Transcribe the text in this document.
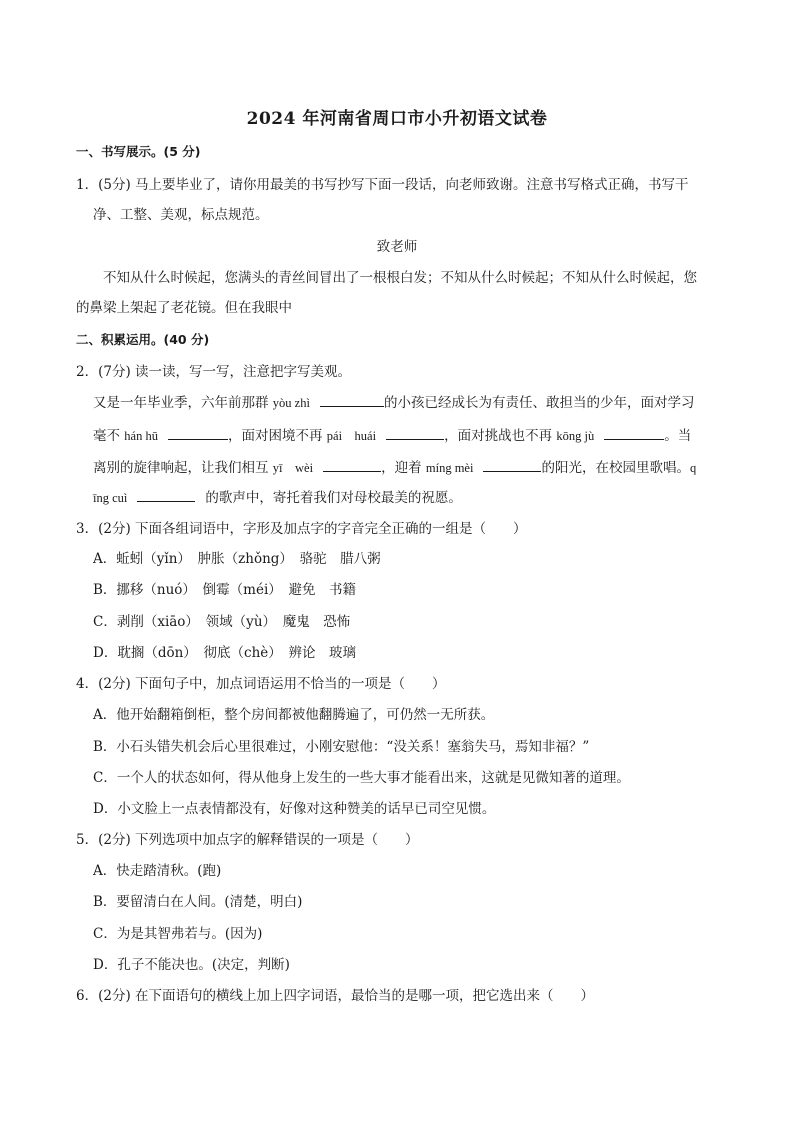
2024 年河南省周口市小升初语文试卷
一、书写展示。(5 分)
1．(5分) 马上要毕业了，请你用最美的书写抄写下面一段话，向老师致谢。注意书写格式正确，书写干
净、工整、美观，标点规范。
致老师
不知从什么时候起，您满头的青丝间冒出了一根根白发；不知从什么时候起；不知从什么时候起，您
的鼻梁上架起了老花镜。但在我眼中
二、积累运用。(40 分)
2．(7分) 读一读，写一写，注意把字写美观。
又是一年毕业季，六年前那群 yòu zhì	的小孩已经成长为有责任、敢担当的少年，面对学习
毫不 hán hū	，面对困境不再 pái　huái	，面对挑战也不再 kōng jù	。当
离别的旋律响起，让我们相互 yī　wèi	，迎着 míng mèi	的阳光，在校园里歌唱。q
īng cuì	的歌声中，寄托着我们对母校最美的祝愿。
3．(2分) 下面各组词语中，字形及加点字的字音完全正确的一组是（　　）
A．蚯蚓（yǐn）　肿胀（zhǒng）　骆驼　腊八粥
B．挪移（nuó）　倒霉（méi）　避免　书籍
C．剥削（xiāo）　领域（yù）　魔鬼　恐怖
D．耽搁（dōn）　彻底（chè）　辨论　玻璃
4．(2分) 下面句子中，加点词语运用不恰当的一项是（　　）
A．他开始翻箱倒柜，整个房间都被他翻腾遍了，可仍然一无所获。
B．小石头错失机会后心里很难过，小刚安慰他：“没关系！塞翁失马，焉知非福？”
C．一个人的状态如何，得从他身上发生的一些大事才能看出来，这就是见微知著的道理。
D．小文脸上一点表情都没有，好像对这种赞美的话早已司空见惯。
5．(2分) 下列选项中加点字的解释错误的一项是（　　）
A．快走踏清秋。(跑)
B．要留清白在人间。(清楚，明白)
C．为是其智弗若与。(因为)
D．孔子不能决也。(决定，判断)
6．(2分) 在下面语句的横线上加上四字词语，最恰当的是哪一项，把它选出来（　　）
